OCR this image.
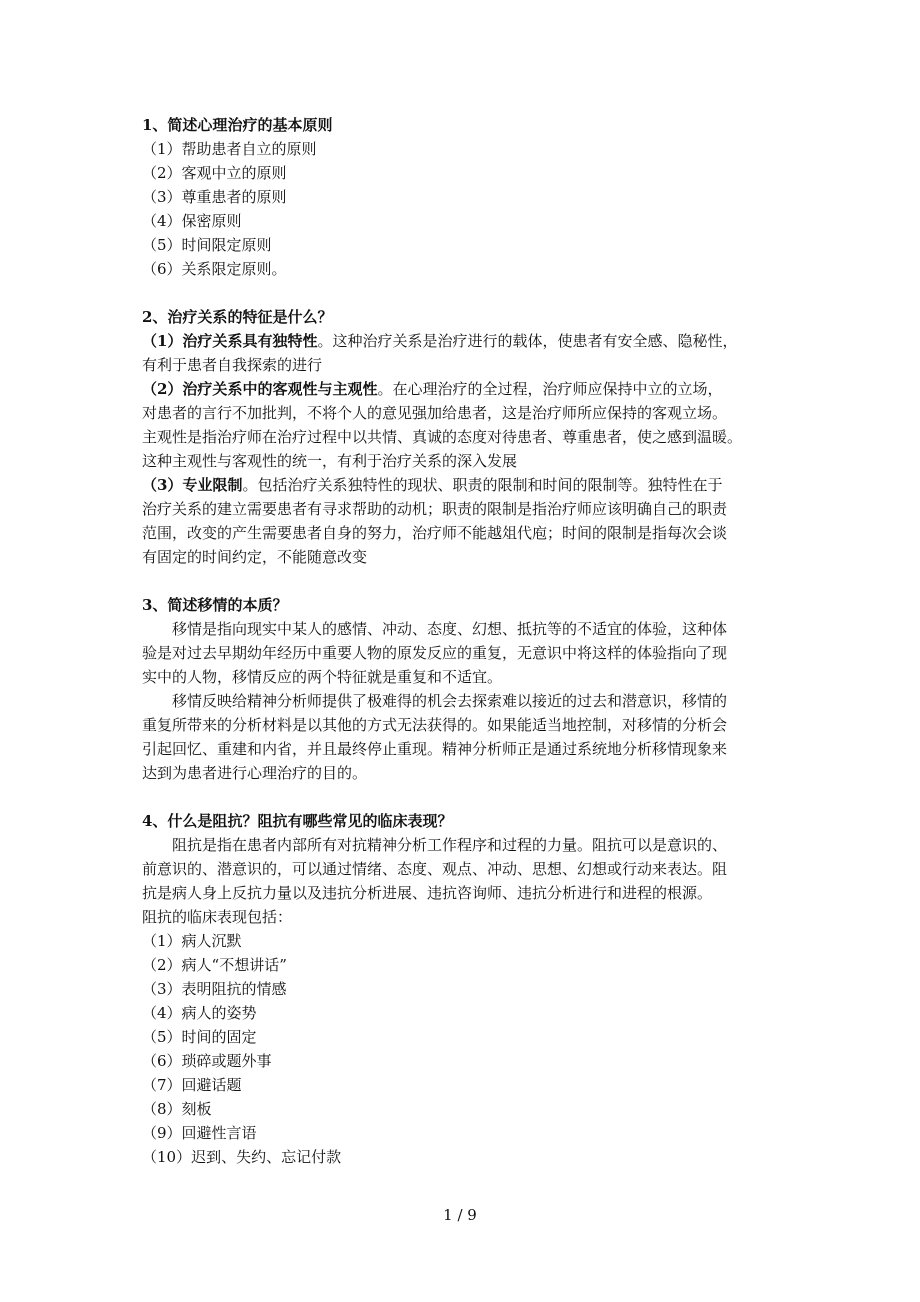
1、简述心理治疗的基本原则
（1）帮助患者自立的原则
（2）客观中立的原则
（3）尊重患者的原则
（4）保密原则
（5）时间限定原则
（6）关系限定原则。
2、治疗关系的特征是什么？
（1）治疗关系具有独特性。这种治疗关系是治疗进行的载体，使患者有安全感、隐秘性，
有利于患者自我探索的进行
（2）治疗关系中的客观性与主观性。在心理治疗的全过程，治疗师应保持中立的立场，
对患者的言行不加批判，不将个人的意见强加给患者，这是治疗师所应保持的客观立场。
主观性是指治疗师在治疗过程中以共情、真诚的态度对待患者、尊重患者，使之感到温暖。
这种主观性与客观性的统一，有利于治疗关系的深入发展
（3）专业限制。包括治疗关系独特性的现状、职责的限制和时间的限制等。独特性在于
治疗关系的建立需要患者有寻求帮助的动机；职责的限制是指治疗师应该明确自己的职责
范围，改变的产生需要患者自身的努力，治疗师不能越俎代庖；时间的限制是指每次会谈
有固定的时间约定，不能随意改变
3、简述移情的本质？
移情是指向现实中某人的感情、冲动、态度、幻想、抵抗等的不适宜的体验，这种体
验是对过去早期幼年经历中重要人物的原发反应的重复，无意识中将这样的体验指向了现
实中的人物，移情反应的两个特征就是重复和不适宜。
移情反映给精神分析师提供了极难得的机会去探索难以接近的过去和潜意识，移情的
重复所带来的分析材料是以其他的方式无法获得的。如果能适当地控制，对移情的分析会
引起回忆、重建和内省，并且最终停止重现。精神分析师正是通过系统地分析移情现象来
达到为患者进行心理治疗的目的。
4、什么是阻抗？阻抗有哪些常见的临床表现？
阻抗是指在患者内部所有对抗精神分析工作程序和过程的力量。阻抗可以是意识的、
前意识的、潜意识的，可以通过情绪、态度、观点、冲动、思想、幻想或行动来表达。阻
抗是病人身上反抗力量以及违抗分析进展、违抗咨询师、违抗分析进行和进程的根源。
阻抗的临床表现包括：
（1）病人沉默
（2）病人“不想讲话”
（3）表明阻抗的情感
（4）病人的姿势
（5）时间的固定
（6）琐碎或题外事
（7）回避话题
（8）刻板
（9）回避性言语
（10）迟到、失约、忘记付款
1 / 9
